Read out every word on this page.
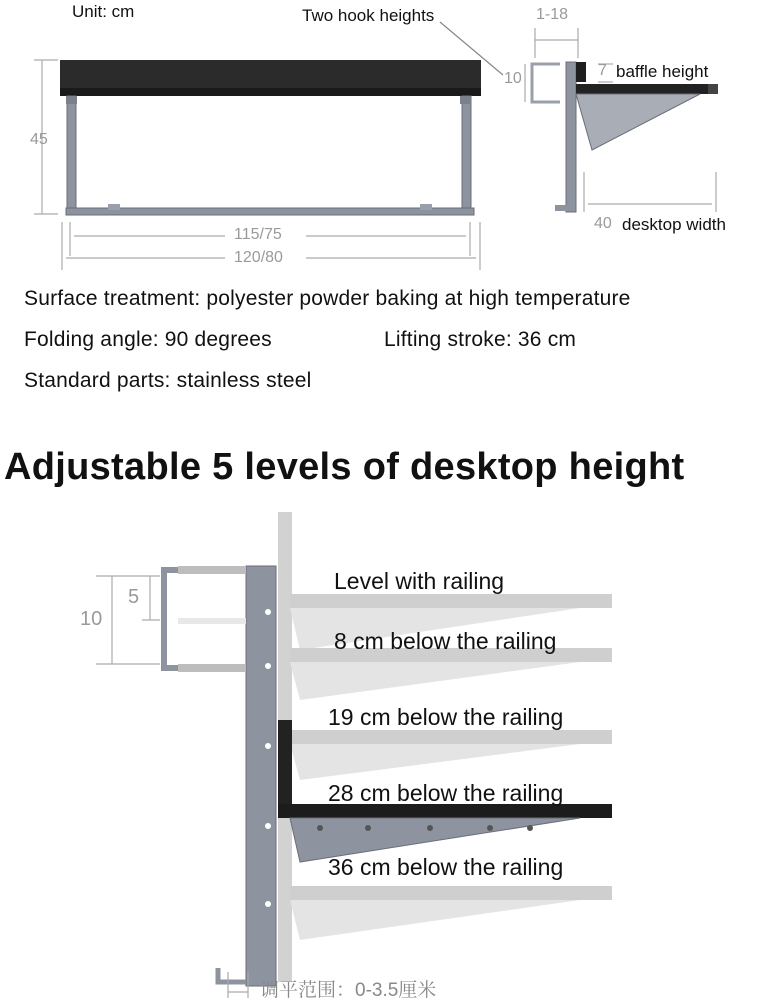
Unit: cm	Two hook heights
45
115/75
120/80
1-18
10	7 baffle height
40 desktop width
Surface treatment: polyester powder baking at high temperature
Folding angle: 90 degrees	Lifting stroke: 36 cm
Standard parts: stainless steel
Adjustable 5 levels of desktop height
10
5
Level with railing
8 cm below the railing
19 cm below the railing
28 cm below the railing
36 cm below the railing
调平范围：0-3.5厘米
